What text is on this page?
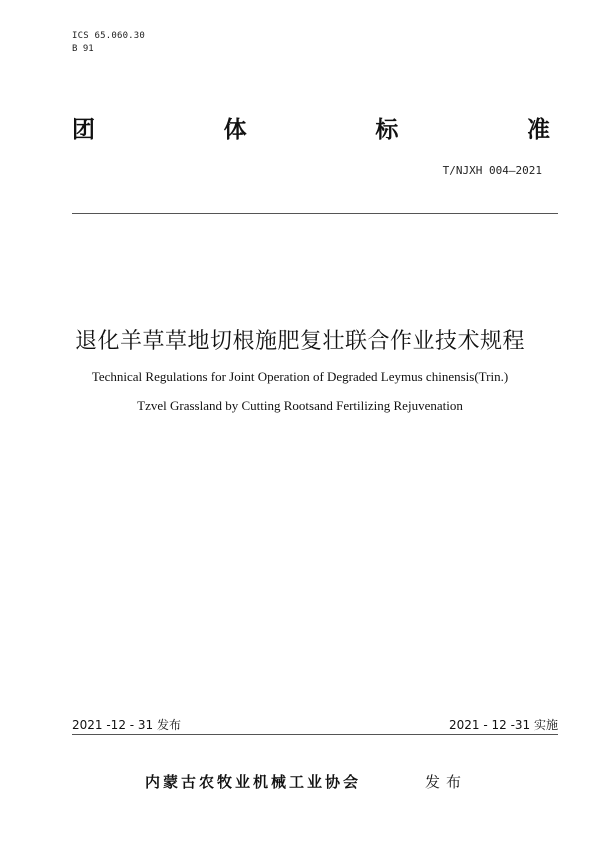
ICS 65.060.30
B 91
团	体	标	准
T/NJXH 004—2021
退化羊草草地切根施肥复壮联合作业技术规程
Technical Regulations for Joint Operation of Degraded Leymus chinensis(Trin.)
Tzvel Grassland by Cutting Rootsand Fertilizing Rejuvenation
2021 -12 - 31 发布	2021 - 12 -31 实施
内蒙古农牧业机械工业协会	发布
